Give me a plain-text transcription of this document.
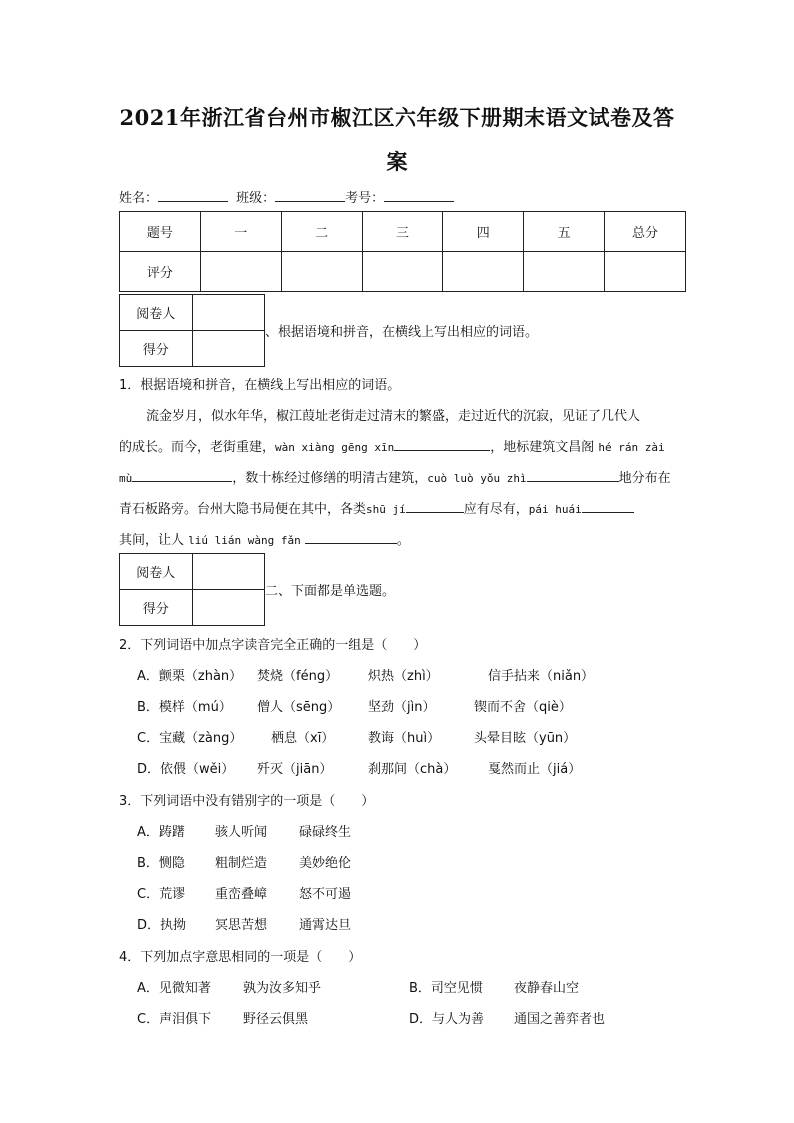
2021年浙江省台州市椒江区六年级下册期末语文试卷及答
案
姓名：	班级：	考号：
题号	一	二	三	四	五	总分
评分						
阅卷人	
得分	
、根据语境和拼音，在横线上写出相应的词语。
1．根据语境和拼音，在横线上写出相应的词语。
流金岁月，似水年华，椒江葭址老街走过清末的繁盛，走过近代的沉寂，见证了几代人
的成长。而今，老街重建，wàn xiàng gēng xīn	，地标建筑文昌阁 hé rán zài
mù	，数十栋经过修缮的明清古建筑，cuò luò yǒu zhì	地分布在
青石板路旁。台州大隐书局便在其中，各类shū jí	应有尽有，pái huái
其间，让人 liú lián wàng fǎn	。
阅卷人	
得分	
二、下面都是单选题。
2．下列词语中加点字读音完全正确的一组是（　　）
A．颤栗（zhàn） 焚烧（féng） 炽热（zhì）	信手拈来（niǎn）
B．模样（mú） 僧人（sēng） 坚劲（jìn）	锲而不舍（qiè）
C．宝藏（zàng） 栖息（xī）	教诲（huì）	头晕目眩（yūn）
D．依偎（wěi） 歼灭（jiān）	刹那间（chà） 戛然而止（jiá）
3．下列词语中没有错别字的一项是（　　）
A．踌躇 骇人听闻 碌碌终生
B．恻隐 粗制烂造 美妙绝伦
C．荒谬 重峦叠嶂 怒不可遏
D．执拗 冥思苦想 通霄达旦
4．下列加点字意思相同的一项是（　　）
A．见微知著 孰为汝多知乎	B．司空见惯 夜静春山空
C．声泪俱下 野径云俱黑	D．与人为善 通国之善弈者也
